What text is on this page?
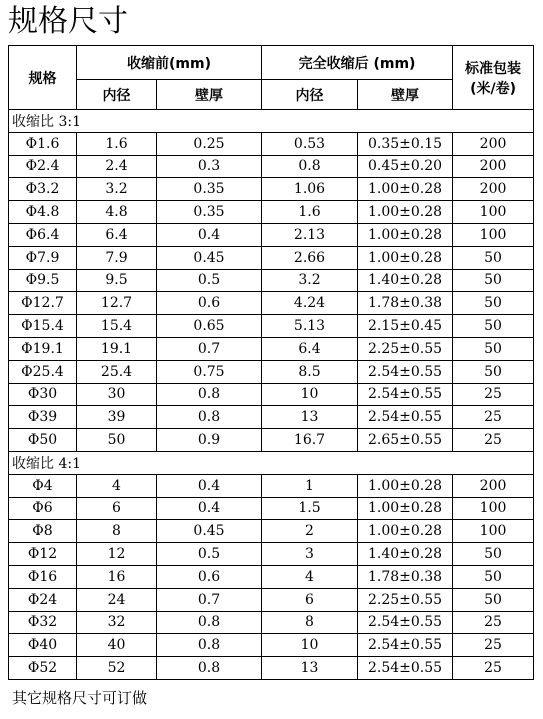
规格尺寸
规格	收缩前(mm)		完全收缩后 (mm)		标准包装
(米/卷)

	内径	壁厚	内径	壁厚	
收缩比 3:1					
Φ1.6	1.6	0.25	0.53	0.35±0.15	200
Φ2.4	2.4	0.3	0.8	0.45±0.20	200
Φ3.2	3.2	0.35	1.06	1.00±0.28	200
Φ4.8	4.8	0.35	1.6	1.00±0.28	100
Φ6.4	6.4	0.4	2.13	1.00±0.28	100
Φ7.9	7.9	0.45	2.66	1.00±0.28	50
Φ9.5	9.5	0.5	3.2	1.40±0.28	50
Φ12.7	12.7	0.6	4.24	1.78±0.38	50
Φ15.4	15.4	0.65	5.13	2.15±0.45	50
Φ19.1	19.1	0.7	6.4	2.25±0.55	50
Φ25.4	25.4	0.75	8.5	2.54±0.55	50
Φ30	30	0.8	10	2.54±0.55	25
Φ39	39	0.8	13	2.54±0.55	25
Φ50	50	0.9	16.7	2.65±0.55	25
收缩比 4:1					
Φ4	4	0.4	1	1.00±0.28	200
Φ6	6	0.4	1.5	1.00±0.28	100
Φ8	8	0.45	2	1.00±0.28	100
Φ12	12	0.5	3	1.40±0.28	50
Φ16	16	0.6	4	1.78±0.38	50
Φ24	24	0.7	6	2.25±0.55	50
Φ32	32	0.8	8	2.54±0.55	25
Φ40	40	0.8	10	2.54±0.55	25
Φ52	52	0.8	13	2.54±0.55	25
其它规格尺寸可订做
